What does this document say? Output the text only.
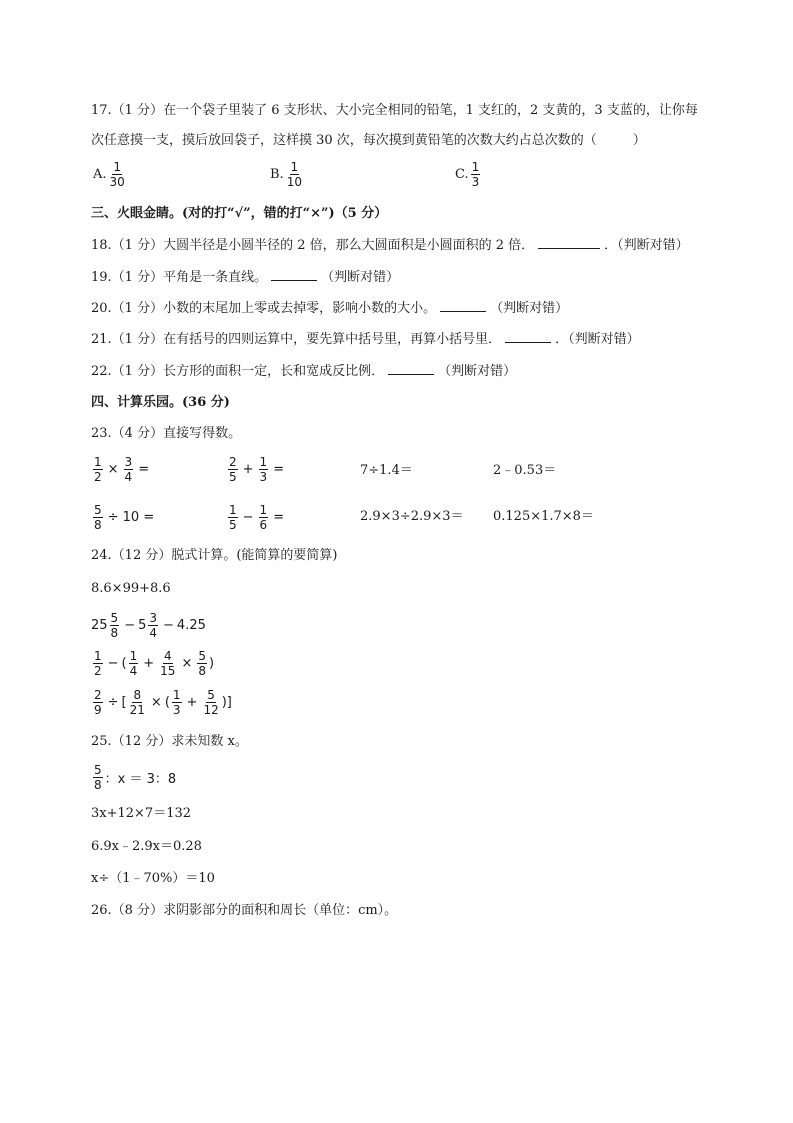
17.（1 分）在一个袋子里装了 6 支形状、大小完全相同的铅笔，1 支红的，2 支黄的，3 支蓝的，让你每
次任意摸一支，摸后放回袋子，这样摸 30 次，每次摸到黄铅笔的次数大约占总次数的（	）
A. $\frac{1}{30}$	B. $\frac{1}{10}$	C. $\frac{1}{3}$
三、火眼金睛。(对的打“√”，错的打“×”)（5 分）
18.（1 分）大圆半径是小圆半径的 2 倍，那么大圆面积是小圆面积的 2 倍．	．（判断对错）
19.（1 分）平角是一条直线。	（判断对错）
20.（1 分）小数的末尾加上零或去掉零，影响小数的大小。	（判断对错）
21.（1 分）在有括号的四则运算中，要先算中括号里，再算小括号里．	．（判断对错）
22.（1 分）长方形的面积一定，长和宽成反比例．	（判断对错）
四、计算乐园。(36 分)
23.（4 分）直接写得数。
$\frac{1}{2} \times \frac{3}{4}$ =	$\frac{2}{5} + \frac{1}{3}$ =	7÷1.4＝	2﹣0.53＝
$\frac{5}{8} \div 10$ =	$\frac{1}{5} - \frac{1}{6}$ =	2.9×3÷2.9×3＝ 0.125×1.7×8＝
24.（12 分）脱式计算。(能简算的要简算)
8.6×99+8.6
$25 \frac{5}{8} - 5 \frac{3}{4} - 4.25$
$\frac{1}{2}$ − ( $\frac{1}{4} + \frac{4}{15} \times \frac{5}{8}$ )
$\frac{2}{9}$ ÷ [ $\frac{8}{21}$ × ( $\frac{1}{3} + \frac{5}{12}$ )]
25.（12 分）求未知数 x。
$\frac{5}{8}$ ：x ＝ 3：8
3x+12×7＝132
6.9x﹣2.9x＝0.28
x÷（1﹣70%）＝10
26.（8 分）求阴影部分的面积和周长（单位：cm）。
